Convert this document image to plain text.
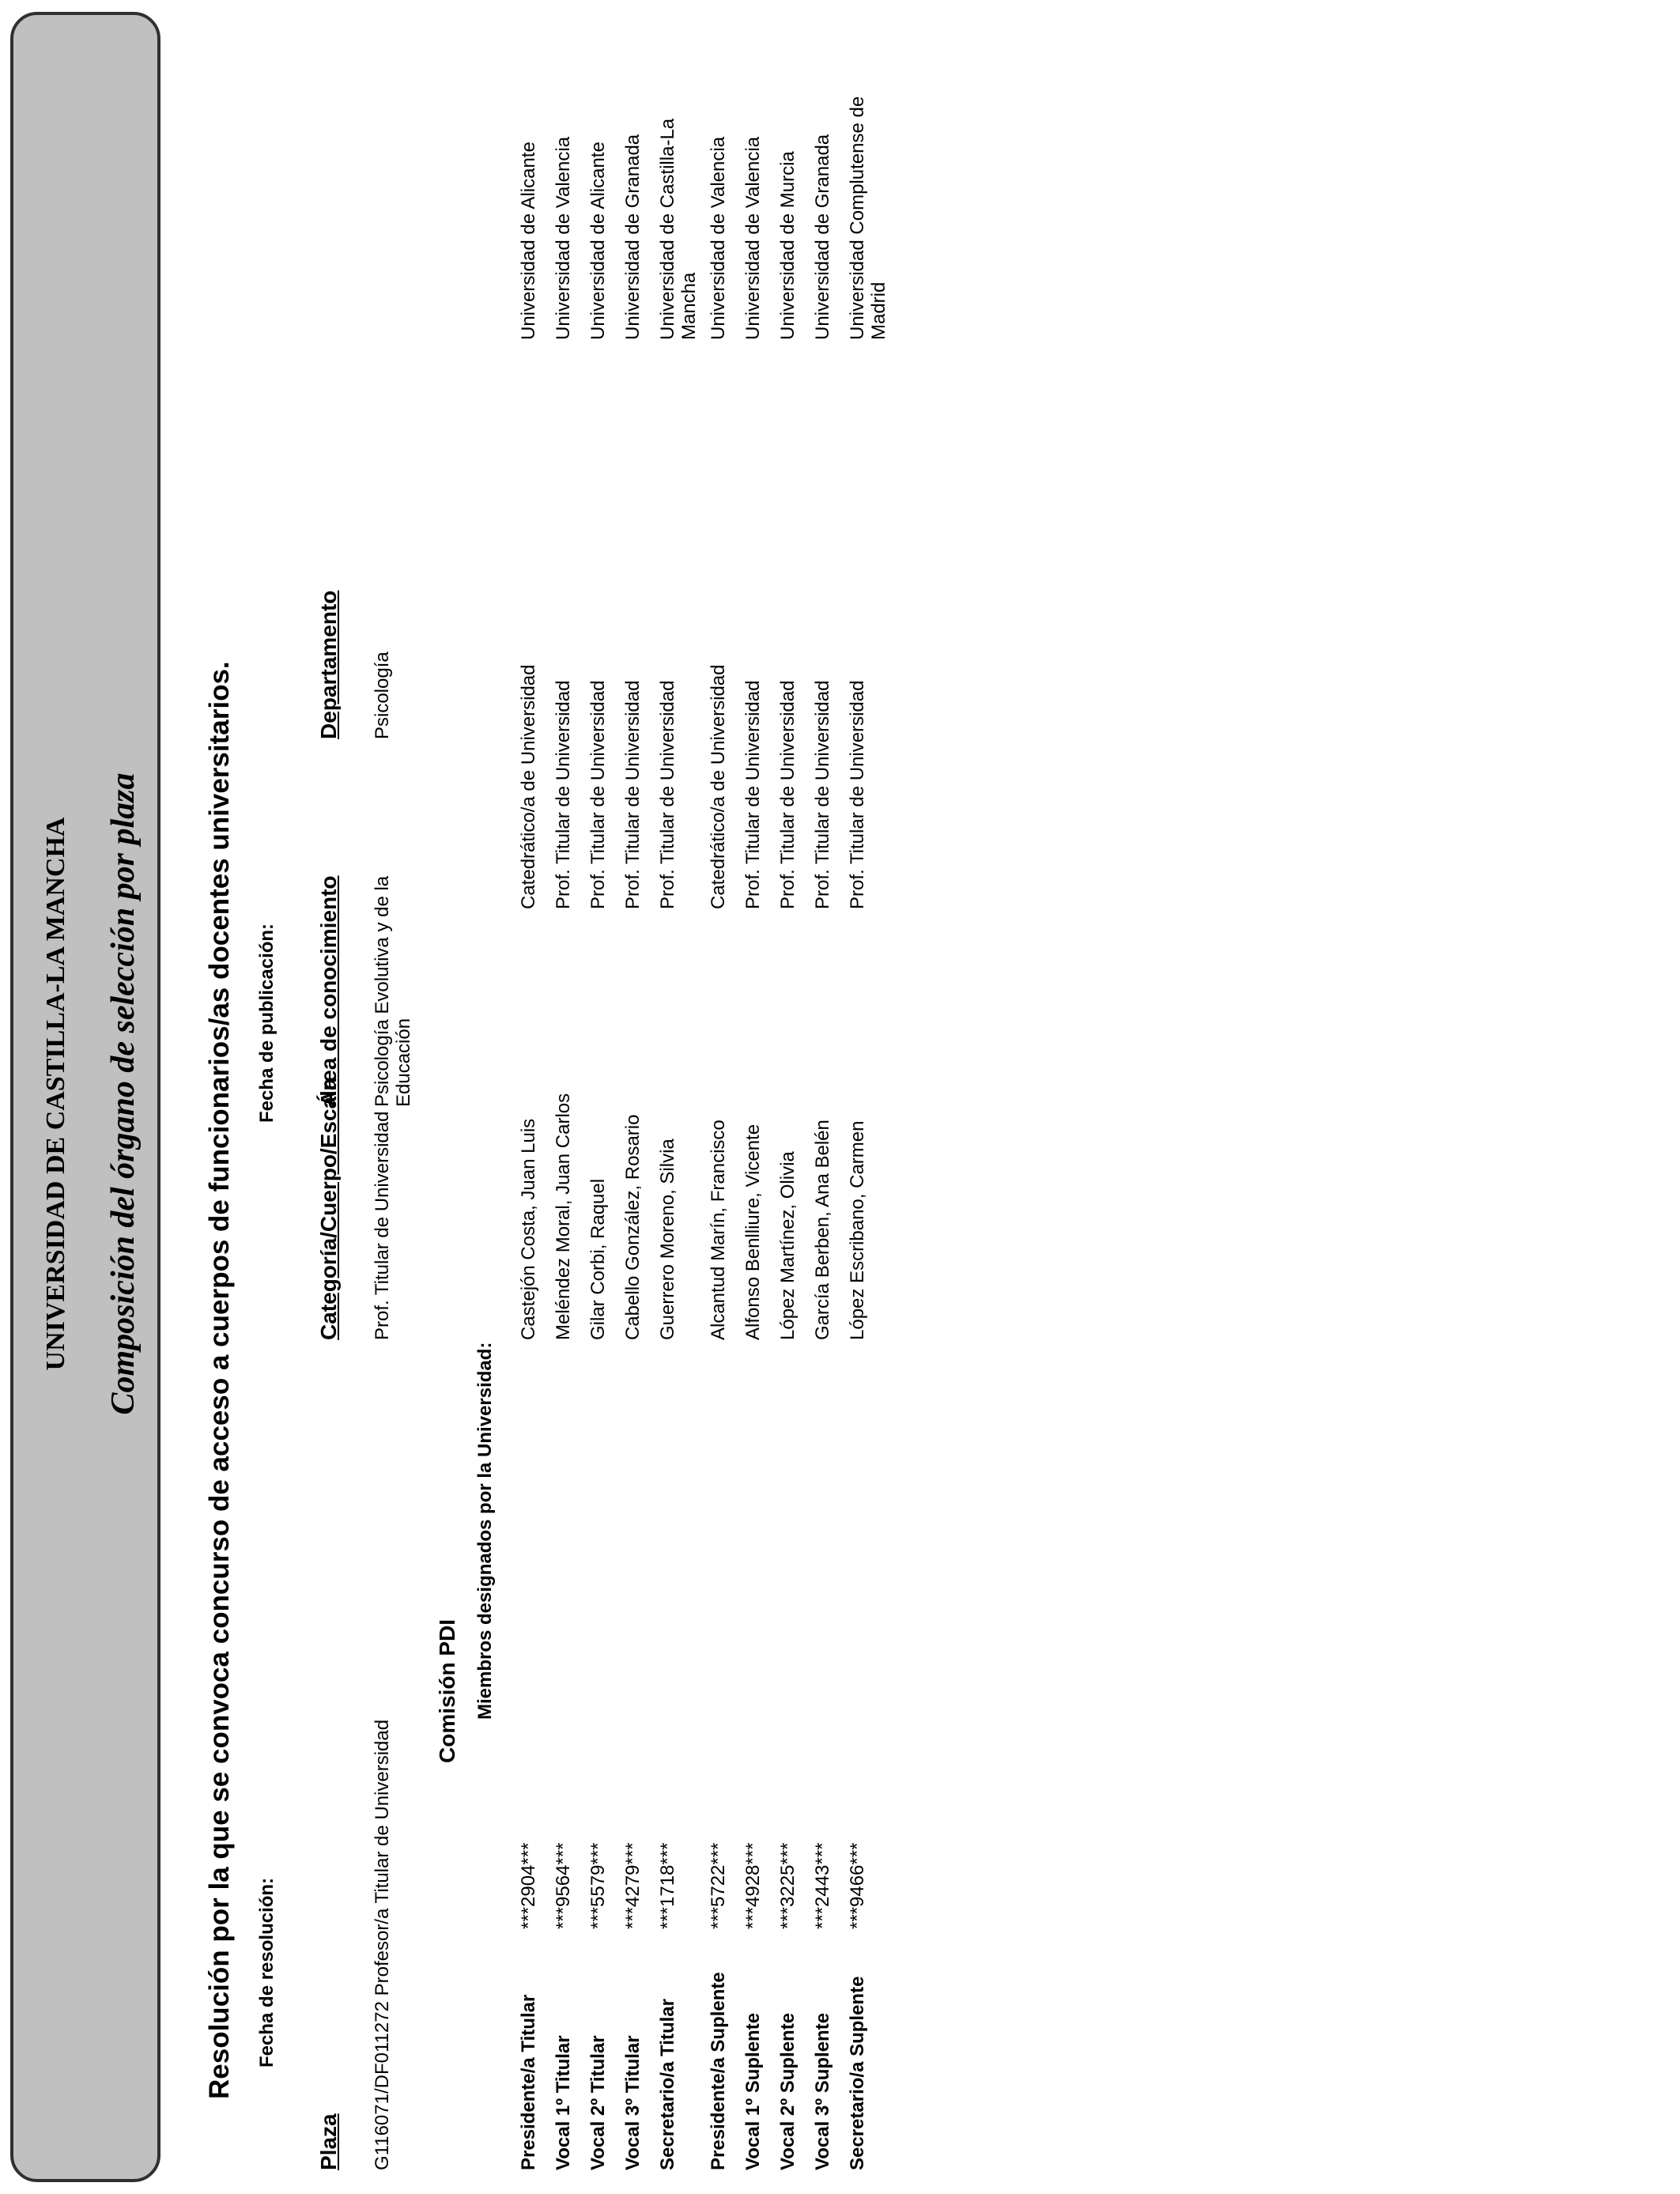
UNIVERSIDAD DE CASTILLA-LA MANCHA Composición del órgano de selección por plaza Resolución por la que se convoca concurso de acceso a cuerpos de funcionarios/as docentes universitarios. Fecha de resolución:
Fecha de publicación:
Plaza
Categoría/Cuerpo/Escala
Área de conocimiento
Departamento
G116071/DF011272 Profesor/a Titular de Universidad
Prof. Titular de Universidad
Psicología Evolutiva y de la Educación
Psicología
Comisión PDI Miembros designados por la Universidad:
Presidente/a Titular
***2904***
Castejón Costa, Juan Luis
Catedrático/a de Universidad
Universidad de Alicante
Vocal 1º Titular
***9564***
Meléndez Moral, Juan Carlos
Prof. Titular de Universidad
Universidad de Valencia
Vocal 2º Titular
***5579***
Gilar Corbi, Raquel
Prof. Titular de Universidad
Universidad de Alicante
Vocal 3º Titular
***4279***
Cabello González, Rosario
Prof. Titular de Universidad
Universidad de Granada
Secretario/a Titular
***1718***
Guerrero Moreno, Silvia
Prof. Titular de Universidad
Universidad de Castilla-La Mancha
Presidente/a Suplente
***5722***
Alcantud Marín, Francisco
Catedrático/a de Universidad
Universidad de Valencia
Vocal 1º Suplente
***4928***
Alfonso Benlliure, Vicente
Prof. Titular de Universidad
Universidad de Valencia
Vocal 2º Suplente
***3225***
López Martínez, Olivia
Prof. Titular de Universidad
Universidad de Murcia
Vocal 3º Suplente
***2443***
García Berben, Ana Belén
Prof. Titular de Universidad
Universidad de Granada
Secretario/a Suplente
***9466***
López Escribano, Carmen
Prof. Titular de Universidad
Universidad Complutense de Madrid
